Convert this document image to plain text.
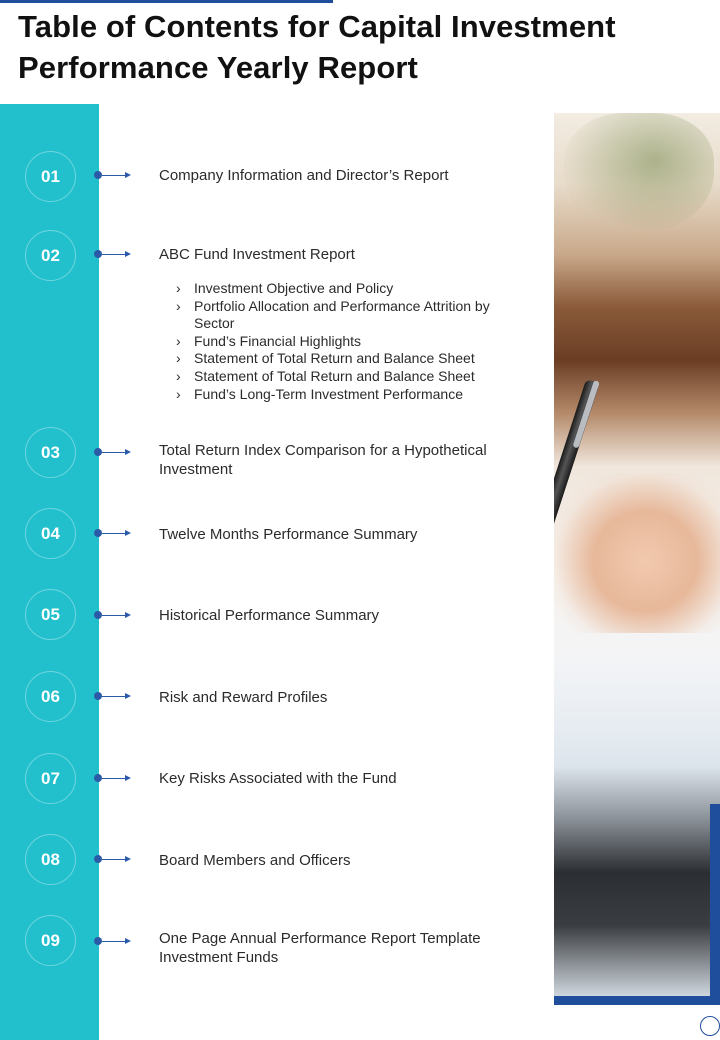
Table of Contents for Capital Investment Performance Yearly Report
01	Company Information and Director’s Report
02	ABC Fund Investment Report
› Investment Objective and Policy
› Portfolio Allocation and Performance Attrition by Sector
› Fund’s Financial Highlights
› Statement of Total Return and Balance Sheet
› Statement of Total Return and Balance Sheet
› Fund’s Long-Term Investment Performance
03	Total Return Index Comparison for a Hypothetical Investment
04	Twelve Months Performance Summary
05	Historical Performance Summary
06	Risk and Reward Profiles
07	Key Risks Associated with the Fund
08	Board Members and Officers
09	One Page Annual Performance Report Template Investment Funds
